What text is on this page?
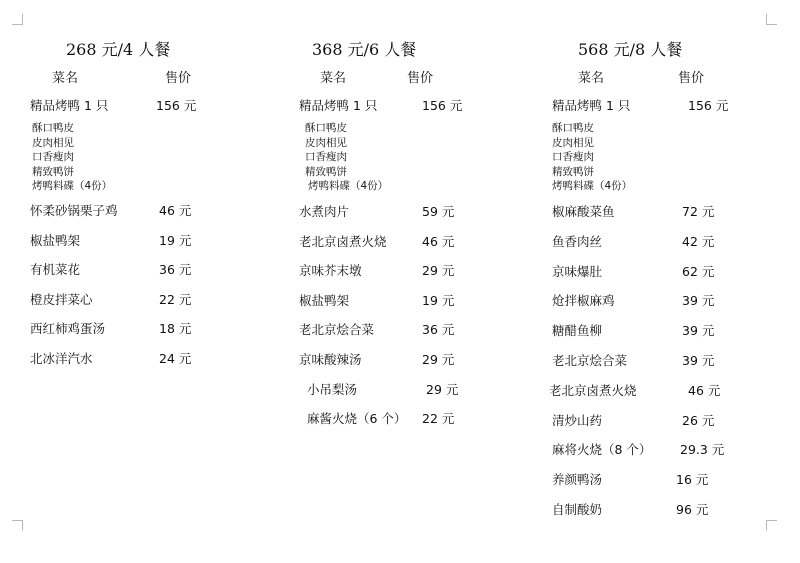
268 元/4 人餐
菜名	售价
精品烤鸭 1 只	156 元
酥口鸭皮
皮肉相见
口香瘦肉
精致鸭饼
烤鸭料碟（4份）
怀柔砂锅栗子鸡	46 元
椒盐鸭架	19 元
有机菜花	36 元
橙皮拌菜心	22 元
西红柿鸡蛋汤	18 元
北冰洋汽水	24 元
368 元/6 人餐
菜名	售价
精品烤鸭 1 只	156 元
酥口鸭皮
皮肉相见
口香瘦肉
精致鸭饼
烤鸭料碟（4份）
水煮肉片	59 元
老北京卤煮火烧	46 元
京味芥末墩	29 元
椒盐鸭架	19 元
老北京烩合菜	36 元
京味酸辣汤	29 元
小吊梨汤	29 元
麻酱火烧（6 个） 22 元
568 元/8 人餐
菜名	售价
精品烤鸭 1 只	156 元
酥口鸭皮
皮肉相见
口香瘦肉
精致鸭饼
烤鸭料碟（4份）
椒麻酸菜鱼	72 元
鱼香肉丝	42 元
京味爆肚	62 元
炝拌椒麻鸡	39 元
糖醋鱼柳	39 元
老北京烩合菜	39 元
老北京卤煮火烧	46 元
清炒山药	26 元
麻将火烧（8 个） 29.3 元
养颜鸭汤	16 元
自制酸奶	96 元
